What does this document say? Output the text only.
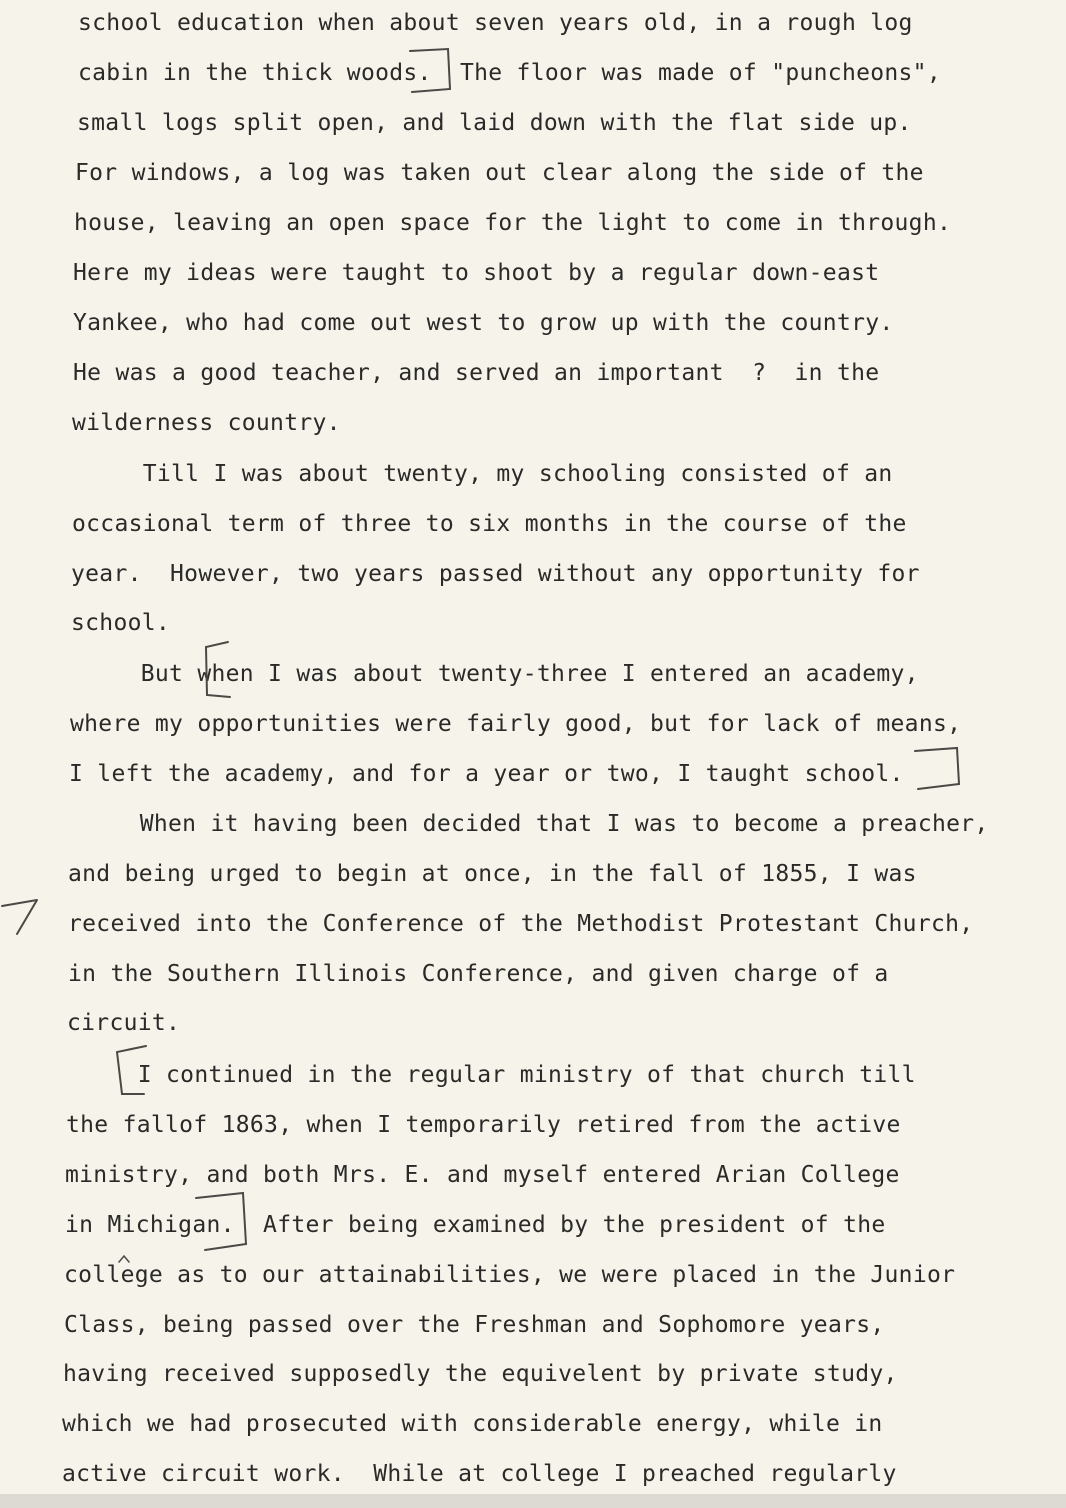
school education when about seven years old, in a rough log
cabin in the thick woods.  The floor was made of "puncheons",
small logs split open, and laid down with the flat side up.
For windows, a log was taken out clear along the side of the
house, leaving an open space for the light to come in through.
Here my ideas were taught to shoot by a regular down-east
Yankee, who had come out west to grow up with the country.
He was a good teacher, and served an important  ?  in the
wilderness country.
Till I was about twenty, my schooling consisted of an
occasional term of three to six months in the course of the
year.  However, two years passed without any opportunity for
school.
But when I was about twenty-three I entered an academy,
where my opportunities were fairly good, but for lack of means,
I left the academy, and for a year or two, I taught school.
When it having been decided that I was to become a preacher,
and being urged to begin at once, in the fall of 1855, I was
received into the Conference of the Methodist Protestant Church,
in the Southern Illinois Conference, and given charge of a
circuit.
I continued in the regular ministry of that church till
the fallof 1863, when I temporarily retired from the active
ministry, and both Mrs. E. and myself entered Arian College
in Michigan.  After being examined by the president of the
college as to our attainabilities, we were placed in the Junior
Class, being passed over the Freshman and Sophomore years,
having received supposedly the equivelent by private study,
which we had prosecuted with considerable energy, while in
active circuit work.  While at college I preached regularly
